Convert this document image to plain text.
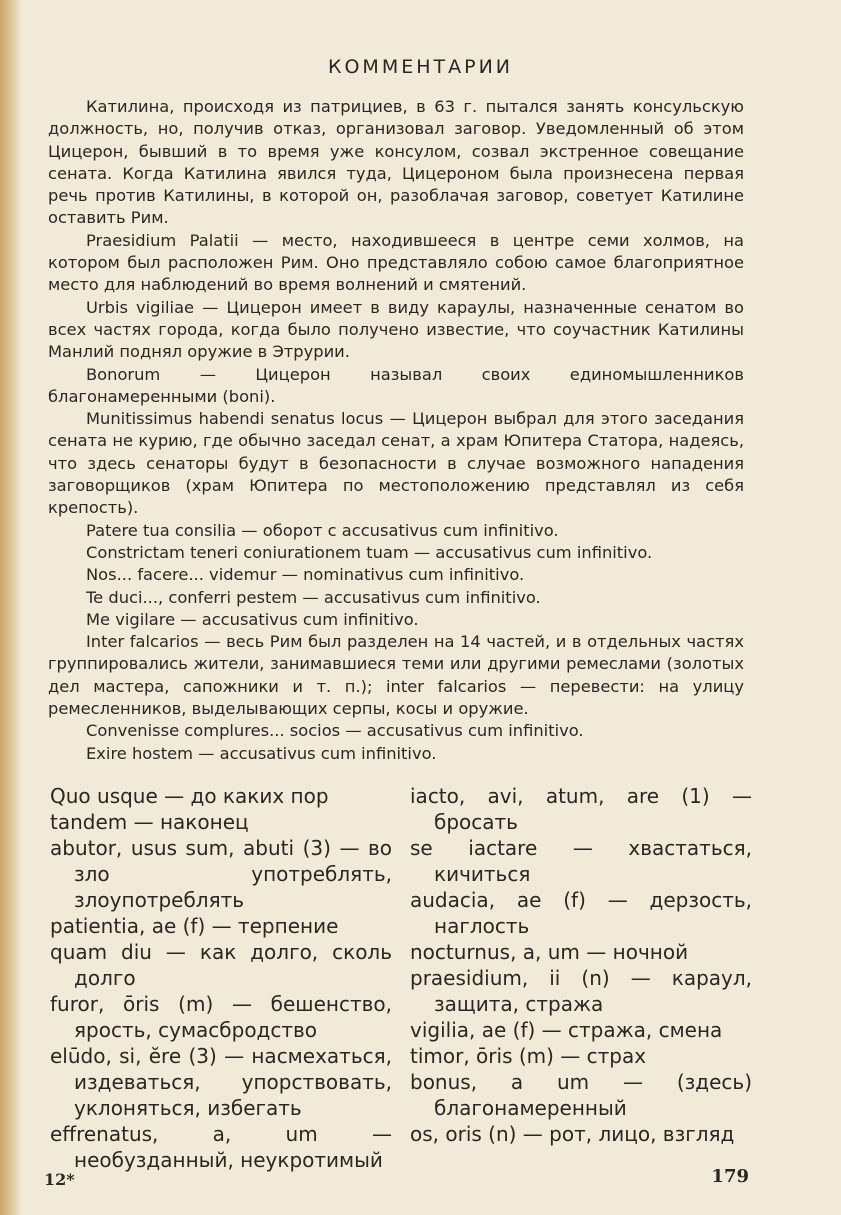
КОММЕНТАРИИ

Катилина, происходя из патрициев, в 63 г. пытался занять консульскую должность, но, получив отказ, организовал заговор. Уведомленный об этом Цицерон, бывший в то время уже консулом, созвал экстренное совещание сената. Когда Катилина явился туда, Цицероном была произнесена первая речь против Катилины, в которой он, разоблачая заговор, советует Катилине оставить Рим.

Praesidium Palatii — место, находившееся в центре семи холмов, на котором был расположен Рим. Оно представляло собою самое благоприятное место для наблюдений во время волнений и смятений.

Urbis vigiliae — Цицерон имеет в виду караулы, назначенные сенатом во всех частях города, когда было получено известие, что соучастник Катилины Манлий поднял оружие в Этрурии.

Bonorum — Цицерон называл своих единомышленников благонамеренными (boni).

Munitissimus habendi senatus locus — Цицерон выбрал для этого заседания сената не курию, где обычно заседал сенат, а храм Юпитера Статора, надеясь, что здесь сенаторы будут в безопасности в случае возможного нападения заговорщиков (храм Юпитера по местоположению представлял из себя крепость).

Patere tua consilia — оборот с accusativus cum infinitivo.

Constrictam teneri coniurationem tuam — accusativus cum infinitivo.

Nos... facere... videmur — nominativus cum infinitivo.

Te duci..., conferri pestem — accusativus cum infinitivo.

Me vigilare — accusativus cum infinitivo.

Inter falcarios — весь Рим был разделен на 14 частей, и в отдельных частях группировались жители, занимавшиеся теми или другими ремеслами (золотых дел мастера, сапожники и т. п.); inter falcarios — перевести: на улицу ремесленников, выделывающих серпы, косы и оружие.

Convenisse complures... socios — accusativus cum infinitivo.

Exire hostem — accusativus cum infinitivo.

Quo usque — до каких пор
tandem — наконец
abutor, usus sum, abuti (3) — во зло употреблять, злоупотреблять
patientia, ae (f) — терпение
quam diu — как долго, сколь долго
furor, ōris (m) — бешенство, ярость, сумасбродство
elūdo, si, ĕre (3) — насмехаться, издеваться, упорствовать, уклоняться, избегать
effrenatus, a, um — необузданный, неукротимый
iacto, avi, atum, are (1) — бросать
se iactare — хвастаться, кичиться
audacia, ae (f) — дерзость, наглость
nocturnus, a, um — ночной
praesidium, ii (n) — караул, защита, стража
vigilia, ae (f) — стража, смена
timor, ōris (m) — страх
bonus, a um — (здесь) благонамеренный
os, oris (n) — рот, лицо, взгляд
12*	179
